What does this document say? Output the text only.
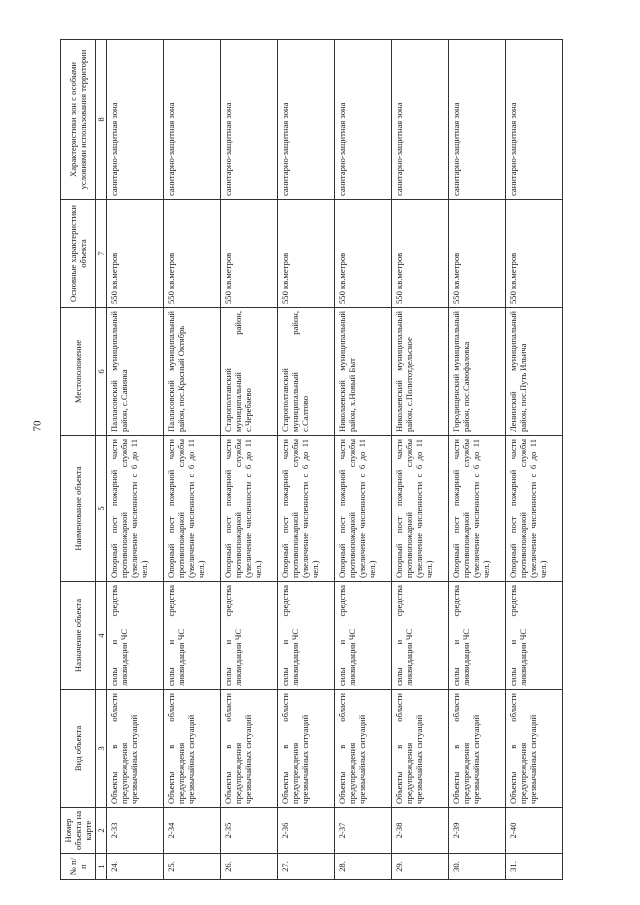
70
№ п/п	Номер объекта на карте	Вид объекта	Назначение объекта	Наименование объекта	Местоположение	Основные характеристики объекта	Характеристики зон с особыми условиями использования территории
1	2	3	4	5	6	7	8
24.	2-33	Объекты в области предупреждения чрезвычайных ситуаций	силы и средства ликвидации ЧС	Опорный пост пожарной части противопожарной службы (увеличение численности с 6 до 11 чел.)	Палласовский муниципальный район, с.Савинка	550 кв.метров	санитарно-защитная зона
25.	2-34	Объекты в области предупреждения чрезвычайных ситуаций	силы и средства ликвидации ЧС	Опорный пост пожарной части противопожарной службы (увеличение численности с 6 до 11 чел.)	Палласовский муниципальный район, пос.Красный Октябрь	550 кв.метров	санитарно-защитная зона
26.	2-35	Объекты в области предупреждения чрезвычайных ситуаций	силы и средства ликвидации ЧС	Опорный пост пожарной части противопожарной службы (увеличение численности с 6 до 11 чел.)	Старополтавский муниципальный район, с.Черебаево	550 кв.метров	санитарно-защитная зона
27.	2-36	Объекты в области предупреждения чрезвычайных ситуаций	силы и средства ликвидации ЧС	Опорный пост пожарной части противопожарной службы (увеличение численности с 6 до 11 чел.)	Старополтавский муниципальный район, с.Салтово	550 кв.метров	санитарно-защитная зона
28.	2-37	Объекты в области предупреждения чрезвычайных ситуаций	силы и средства ликвидации ЧС	Опорный пост пожарной части противопожарной службы (увеличение численности с 6 до 11 чел.)	Николаевский муниципальный район, х.Новый Быт	550 кв.метров	санитарно-защитная зона
29.	2-38	Объекты в области предупреждения чрезвычайных ситуаций	силы и средства ликвидации ЧС	Опорный пост пожарной части противопожарной службы (увеличение численности с 6 до 11 чел.)	Николаевский муниципальный район, с.Политотдельское	550 кв.метров	санитарно-защитная зона
30.	2-39	Объекты в области предупреждения чрезвычайных ситуаций	силы и средства ликвидации ЧС	Опорный пост пожарной части противопожарной службы (увеличение численности с 6 до 11 чел.)	Городищенский муниципальный район, пос.Самофаловка	550 кв.метров	санитарно-защитная зона
31.	2-40	Объекты в области предупреждения чрезвычайных ситуаций	силы и средства ликвидации ЧС	Опорный пост пожарной части противопожарной службы (увеличение численности с 6 до 11 чел.)	Ленинский муниципальный район, пос.Путь Ильича	550 кв.метров	санитарно-защитная зона
